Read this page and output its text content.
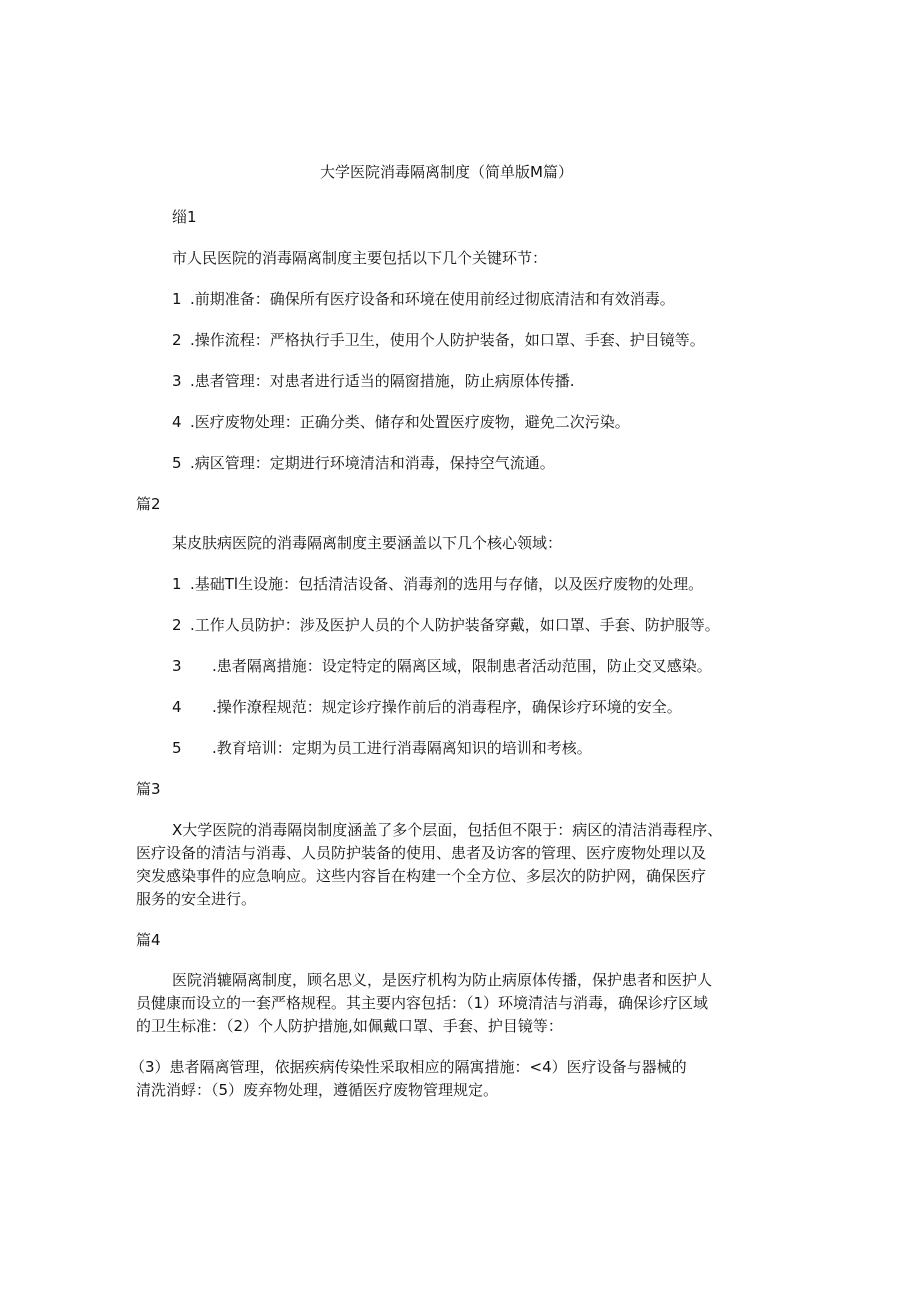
大学医院消毒隔离制度（简单版M篇）
缁1
市人民医院的消毒隔离制度主要包括以下几个关键环节：
1 .前期准备：确保所有医疗设备和环境在使用前经过彻底清洁和有效消毒。
2 .操作流程：严格执行手卫生，使用个人防护装备，如口罩、手套、护目镜等。
3 .患者管理：对患者进行适当的隔窗措施，防止病原体传播.
4 .医疗废物处理：正确分类、储存和处置医疗废物，避免二次污染。
5 .病区管理：定期进行环境清洁和消毒，保持空气流通。
篇2
某皮肤病医院的消毒隔离制度主要涵盖以下几个核心领域：
1 .基础Tl生设施：包括清洁设备、消毒剂的选用与存储，以及医疗废物的处理。
2 .工作人员防护：涉及医护人员的个人防护装备穿戴，如口罩、手套、防护服等。
3 .患者隔离措施：设定特定的隔离区域，限制患者活动范围，防止交叉感染。
4 .操作潦程规范：规定诊疗操作前后的消毒程序，确保诊疗环境的安全。
5 .教育培训：定期为员工进行消毒隔离知识的培训和考核。
篇3
X大学医院的消毒隔岗制度涵盖了多个层面，包括但不限于：病区的清洁消毒程序、
医疗设备的清洁与消毒、人员防护装备的使用、患者及访客的管理、医疗废物处理以及
突发感染事件的应急响应。这些内容旨在构建一个全方位、多层次的防护网，确保医疗
服务的安全进行。
篇4
医院消辘隔离制度，顾名思义，是医疗机构为防止病原体传播，保护患者和医护人
员健康而设立的一套严格规程。其主要内容包括：（1）环境清洁与消毒，确保诊疗区域
的卫生标准：（2）个人防护措施,如佩戴口罩、手套、护目镜等：
（3）患者隔离管理，依据疾病传染性采取相应的隔寓措施：<4）医疗设备与器械的
清洗消蜉：（5）废弃物处理，遵循医疗废物管理规定。
